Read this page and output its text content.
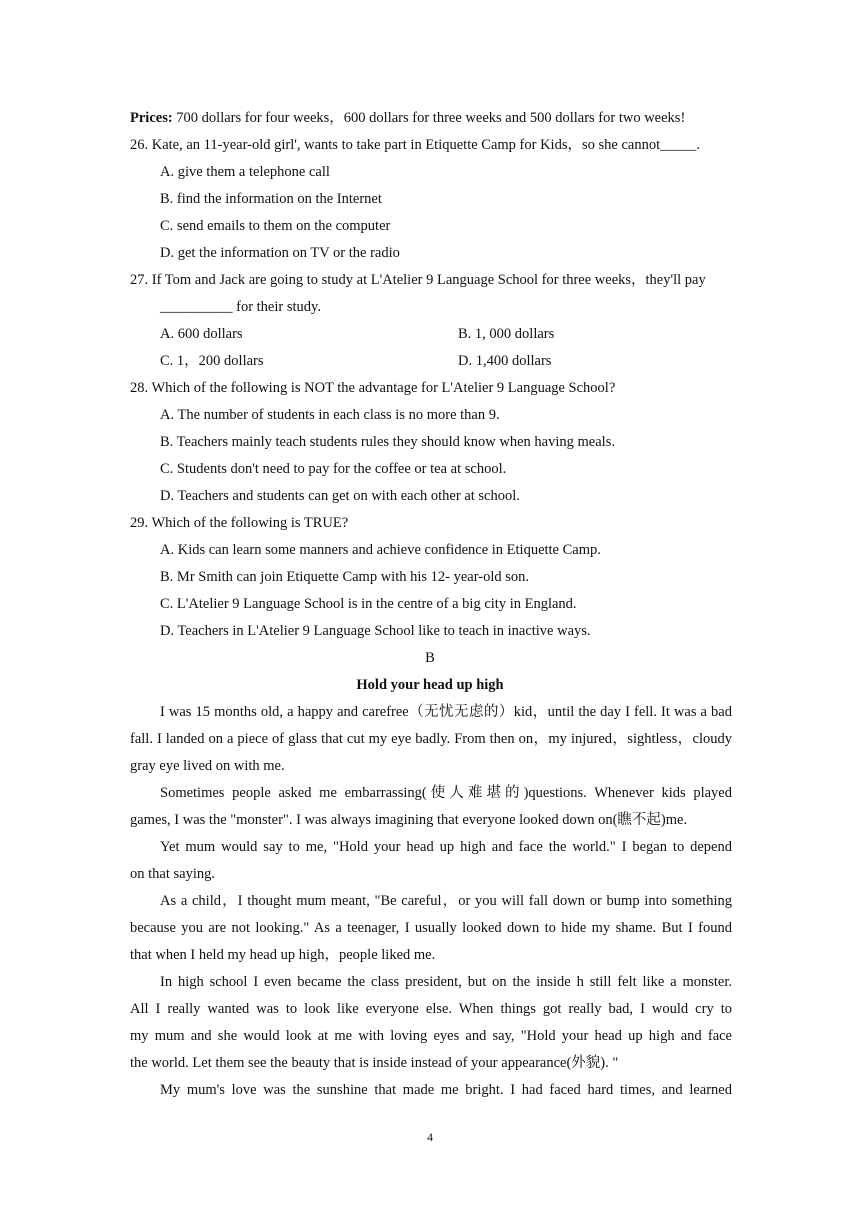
Prices: 700 dollars for four weeks，600 dollars for three weeks and 500 dollars for two weeks!
26. Kate, an 11-year-old girl', wants to take part in Etiquette Camp for Kids，so she cannot_____.
A. give them a telephone call
B. find the information on the Internet
C. send emails to them on the computer
D. get the information on TV or the radio
27. If Tom and Jack are going to study at L'Atelier 9 Language School for three weeks，they'll pay
__________ for their study.
A. 600 dollars	B. 1, 000 dollars
C. 1，200 dollars	D. 1,400 dollars
28. Which of the following is NOT the advantage for L'Atelier 9 Language School?
A. The number of students in each class is no more than 9.
B. Teachers mainly teach students rules they should know when having meals.
C. Students don't need to pay for the coffee or tea at school.
D. Teachers and students can get on with each other at school.
29. Which of the following is TRUE?
A. Kids can learn some manners and achieve confidence in Etiquette Camp.
B. Mr Smith can join Etiquette Camp with his 12- year-old son.
C. L'Atelier 9 Language School is in the centre of a big city in England.
D. Teachers in L'Atelier 9 Language School like to teach in inactive ways.
B
Hold your head up high
I was 15 months old, a happy and carefree（无忧无虑的）kid，until the day I fell. It was a bad
fall. I landed on a piece of glass that cut my eye badly. From then on，my injured，sightless，cloudy
gray eye lived on with me.
Sometimes people asked me embarrassing(使人难堪的)questions. Whenever kids played
games, I was the "monster". I was always imagining that everyone looked down on(瞧不起)me.
Yet mum would say to me, "Hold your head up high and face the world." I began to depend
on that saying.
As a child，I thought mum meant, "Be careful，or you will fall down or bump into something
because you are not looking." As a teenager, I usually looked down to hide my shame. But I found
that when I held my head up high，people liked me.
In high school I even became the class president, but on the inside h still felt like a monster.
All I really wanted was to look like everyone else. When things got really bad, I would cry to
my mum and she would look at me with loving eyes and say, "Hold your head up high and face
the world. Let them see the beauty that is inside instead of your appearance(外貌). "
My mum's love was the sunshine that made me bright. I had faced hard times, and learned
4
